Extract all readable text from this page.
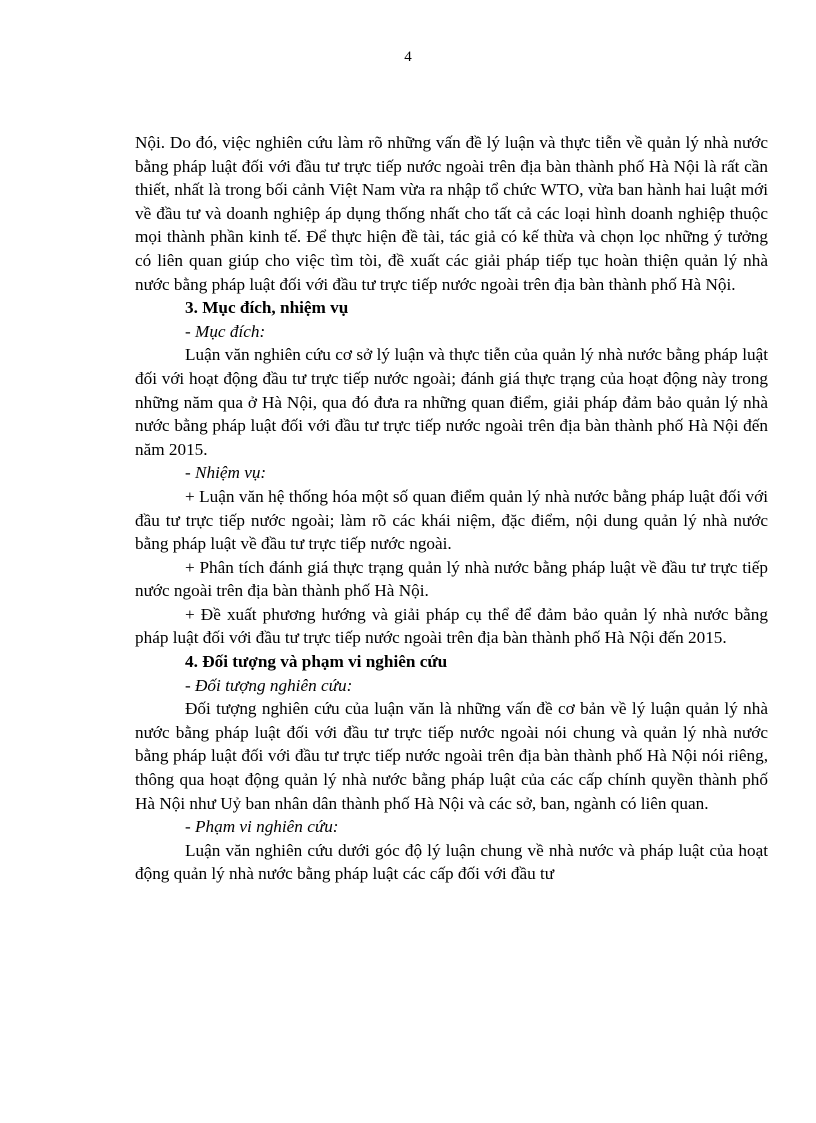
4

Nội. Do đó, việc nghiên cứu làm rõ những vấn đề lý luận và thực tiễn về quản lý nhà nước bằng pháp luật đối với đầu tư trực tiếp nước ngoài trên địa bàn thành phố Hà Nội là rất cần thiết, nhất là trong bối cảnh Việt Nam vừa ra nhập tổ chức WTO, vừa ban hành hai luật mới về đầu tư và doanh nghiệp áp dụng thống nhất cho tất cả các loại hình doanh nghiệp thuộc mọi thành phần kinh tế. Để thực hiện đề tài, tác giả có kế thừa và chọn lọc những ý tưởng có liên quan giúp cho việc tìm tòi, đề xuất các giải pháp tiếp tục hoàn thiện quản lý nhà nước bằng pháp luật đối với đầu tư trực tiếp nước ngoài trên địa bàn thành phố Hà Nội.

3. Mục đích, nhiệm vụ

- Mục đích:

Luận văn nghiên cứu cơ sở lý luận và thực tiễn của quản lý nhà nước bằng pháp luật đối với hoạt động đầu tư trực tiếp nước ngoài; đánh giá thực trạng của hoạt động này trong những năm qua ở Hà Nội, qua đó đưa ra những quan điểm, giải pháp đảm bảo quản lý nhà nước bằng pháp luật đối với đầu tư trực tiếp nước ngoài trên địa bàn thành phố Hà Nội đến năm 2015.

- Nhiệm vụ:

+ Luận văn hệ thống hóa một số quan điểm quản lý nhà nước bằng pháp luật đối với đầu tư trực tiếp nước ngoài; làm rõ các khái niệm, đặc điểm, nội dung quản lý nhà nước bằng pháp luật về đầu tư trực tiếp nước ngoài.

+ Phân tích đánh giá thực trạng quản lý nhà nước bằng pháp luật về đầu tư trực tiếp nước ngoài trên địa bàn thành phố Hà Nội.

+ Đề xuất phương hướng và giải pháp cụ thể để đảm bảo quản lý nhà nước bằng pháp luật đối với đầu tư trực tiếp nước ngoài trên địa bàn thành phố Hà Nội đến 2015.

4. Đối tượng và phạm vi nghiên cứu

- Đối tượng nghiên cứu:

Đối tượng nghiên cứu của luận văn là những vấn đề cơ bản về lý luận quản lý nhà nước bằng pháp luật đối với đầu tư trực tiếp nước ngoài nói chung và quản lý nhà nước bằng pháp luật đối với đầu tư trực tiếp nước ngoài trên địa bàn thành phố Hà Nội nói riêng, thông qua hoạt động quản lý nhà nước bằng pháp luật của các cấp chính quyền thành phố Hà Nội như Uỷ ban nhân dân thành phố Hà Nội và các sở, ban, ngành có liên quan.

- Phạm vi nghiên cứu:

Luận văn nghiên cứu dưới góc độ lý luận chung về nhà nước và pháp luật của hoạt động quản lý nhà nước bằng pháp luật các cấp đối với đầu tư
